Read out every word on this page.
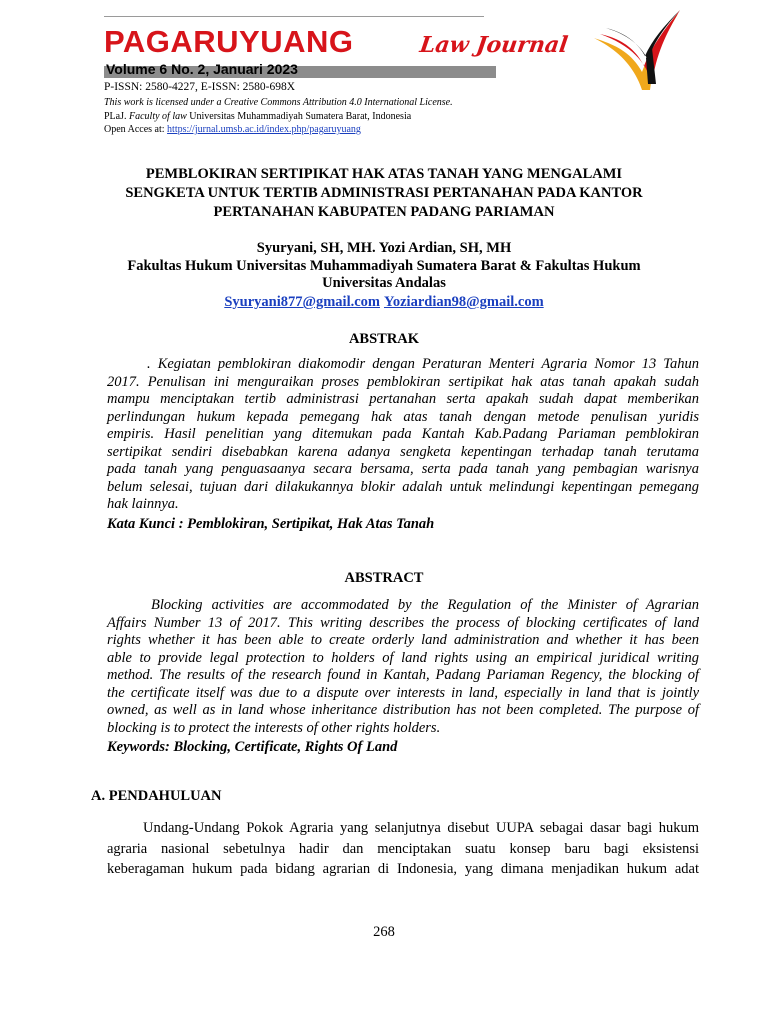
PAGARUYUANG	Law Journal
Volume 6 No. 2, Januari 2023
P-ISSN: 2580-4227, E-ISSN: 2580-698X
This work is licensed under a Creative Commons Attribution 4.0 International License.
PLaJ. Faculty of law Universitas Muhammadiyah Sumatera Barat, Indonesia
Open Acces at: https://jurnal.umsb.ac.id/index.php/pagaruyuang
PEMBLOKIRAN SERTIPIKAT HAK ATAS TANAH YANG MENGALAMI
SENGKETA UNTUK TERTIB ADMINISTRASI PERTANAHAN PADA KANTOR
PERTANAHAN KABUPATEN PADANG PARIAMAN
Syuryani, SH, MH. Yozi Ardian, SH, MH
Fakultas Hukum Universitas Muhammadiyah Sumatera Barat & Fakultas Hukum
Universitas Andalas
Syuryani877@gmail.com Yoziardian98@gmail.com
ABSTRAK
. Kegiatan pemblokiran diakomodir dengan Peraturan Menteri Agraria Nomor 13 Tahun
2017. Penulisan ini menguraikan proses pemblokiran sertipikat hak atas tanah apakah sudah
mampu menciptakan tertib administrasi pertanahan serta apakah sudah dapat memberikan
perlindungan hukum kepada pemegang hak atas tanah dengan metode penulisan yuridis
empiris. Hasil penelitian yang ditemukan pada Kantah Kab.Padang Pariaman pemblokiran
sertipikat sendiri disebabkan karena adanya sengketa kepentingan terhadap tanah terutama
pada tanah yang penguasaanya secara bersama, serta pada tanah yang pembagian warisnya
belum selesai, tujuan dari dilakukannya blokir adalah untuk melindungi kepentingan pemegang
hak lainnya.
Kata Kunci : Pemblokiran, Sertipikat, Hak Atas Tanah
ABSTRACT
Blocking activities are accommodated by the Regulation of the Minister of Agrarian
Affairs Number 13 of 2017. This writing describes the process of blocking certificates of land
rights whether it has been able to create orderly land administration and whether it has been
able to provide legal protection to holders of land rights using an empirical juridical writing
method. The results of the research found in Kantah, Padang Pariaman Regency, the blocking of
the certificate itself was due to a dispute over interests in land, especially in land that is jointly
owned, as well as in land whose inheritance distribution has not been completed. The purpose of
blocking is to protect the interests of other rights holders.
Keywords: Blocking, Certificate, Rights Of Land
A. PENDAHULUAN
Undang-Undang Pokok Agraria yang selanjutnya disebut UUPA sebagai dasar bagi hukum
agraria nasional sebetulnya hadir dan menciptakan suatu konsep baru bagi eksistensi
keberagaman hukum pada bidang agrarian di Indonesia, yang dimana menjadikan hukum adat
268
